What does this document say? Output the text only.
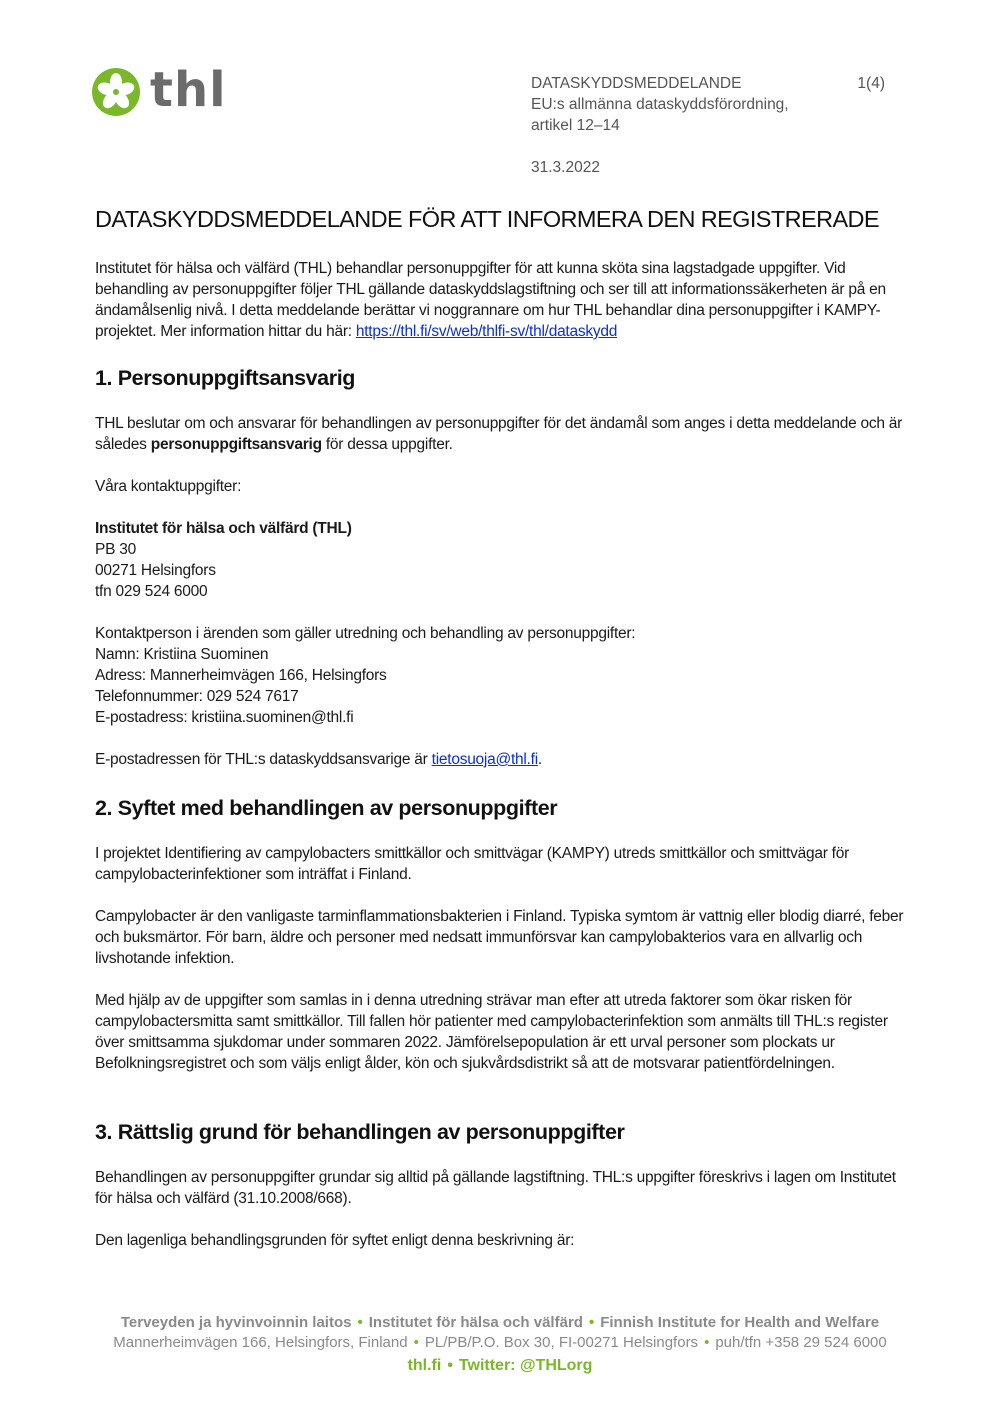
thl	DATASKYDDSMEDDELANDE	1(4)
EU:s allmänna dataskyddsförordning,
artikel 12–14
31.3.2022
DATASKYDDSMEDDELANDE FÖR ATT INFORMERA DEN REGISTRERADE

Institutet för hälsa och välfärd (THL) behandlar personuppgifter för att kunna sköta sina lagstadgade uppgifter. Vid behandling av personuppgifter följer THL gällande dataskyddslagstiftning och ser till att informationssäkerheten är på en ändamålsenlig nivå. I detta meddelande berättar vi noggrannare om hur THL behandlar dina personuppgifter i KAMPY-projektet. Mer information hittar du här: https://thl.fi/sv/web/thlfi-sv/thl/dataskydd

1. Personuppgiftsansvarig

THL beslutar om och ansvarar för behandlingen av personuppgifter för det ändamål som anges i detta meddelande och är således personuppgiftsansvarig för dessa uppgifter.

Våra kontaktuppgifter:

Institutet för hälsa och välfärd (THL)

PB 30

00271 Helsingfors

tfn 029 524 6000

Kontaktperson i ärenden som gäller utredning och behandling av personuppgifter:

Namn: Kristiina Suominen

Adress: Mannerheimvägen 166, Helsingfors

Telefonnummer: 029 524 7617

E-postadress: kristiina.suominen@thl.fi

E-postadressen för THL:s dataskyddsansvarige är tietosuoja@thl.fi.

2. Syftet med behandlingen av personuppgifter

I projektet Identifiering av campylobacters smittkällor och smittvägar (KAMPY) utreds smittkällor och smittvägar för campylobacterinfektioner som inträffat i Finland.

Campylobacter är den vanligaste tarminflammationsbakterien i Finland. Typiska symtom är vattnig eller blodig diarré, feber och buksmärtor. För barn, äldre och personer med nedsatt immunförsvar kan campylobakterios vara en allvarlig och livshotande infektion.

Med hjälp av de uppgifter som samlas in i denna utredning strävar man efter att utreda faktorer som ökar risken för campylobactersmitta samt smittkällor. Till fallen hör patienter med campylobacterinfektion som anmälts till THL:s register över smittsamma sjukdomar under sommaren 2022. Jämförelsepopulation är ett urval personer som plockats ur Befolkningsregistret och som väljs enligt ålder, kön och sjukvårdsdistrikt så att de motsvarar patientfördelningen.

3. Rättslig grund för behandlingen av personuppgifter

Behandlingen av personuppgifter grundar sig alltid på gällande lagstiftning. THL:s uppgifter föreskrivs i lagen om Institutet för hälsa och välfärd (31.10.2008/668).

Den lagenliga behandlingsgrunden för syftet enligt denna beskrivning är:

Terveyden ja hyvinvoinnin laitos • Institutet för hälsa och välfärd • Finnish Institute for Health and Welfare
Mannerheimvägen 166, Helsingfors, Finland • PL/PB/P.O. Box 30, FI-00271 Helsingfors • puh/tfn +358 29 524 6000
thl.fi • Twitter: @THLorg
